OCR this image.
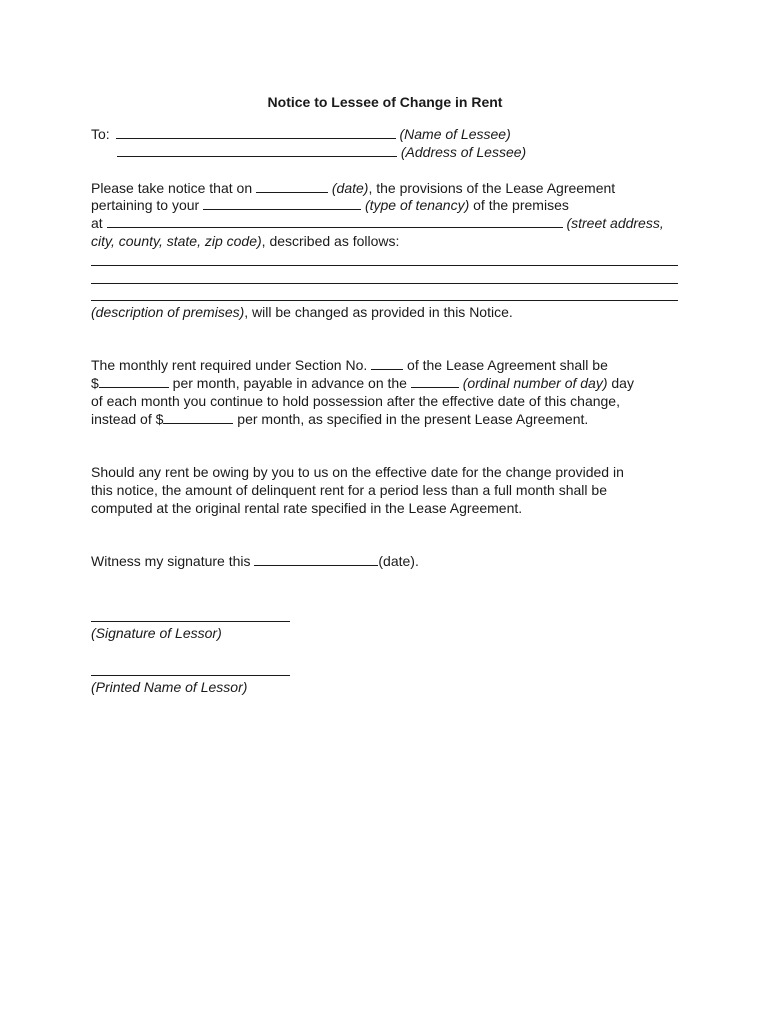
Notice to Lessee of Change in Rent
To:	(Name of Lessee)
(Address of Lessee)
Please take notice that on	(date), the provisions of the Lease Agreement
pertaining to your	(type of tenancy) of the premises
at	(street address,
city, county, state, zip code), described as follows:
(description of premises), will be changed as provided in this Notice.
The monthly rent required under Section No.	of the Lease Agreement shall be
$	per month, payable in advance on the	(ordinal number of day) day
of each month you continue to hold possession after the effective date of this change,
instead of $	per month, as specified in the present Lease Agreement.
Should any rent be owing by you to us on the effective date for the change provided in
this notice, the amount of delinquent rent for a period less than a full month shall be
computed at the original rental rate specified in the Lease Agreement.
Witness my signature this	(date).
(Signature of Lessor)
(Printed Name of Lessor)
